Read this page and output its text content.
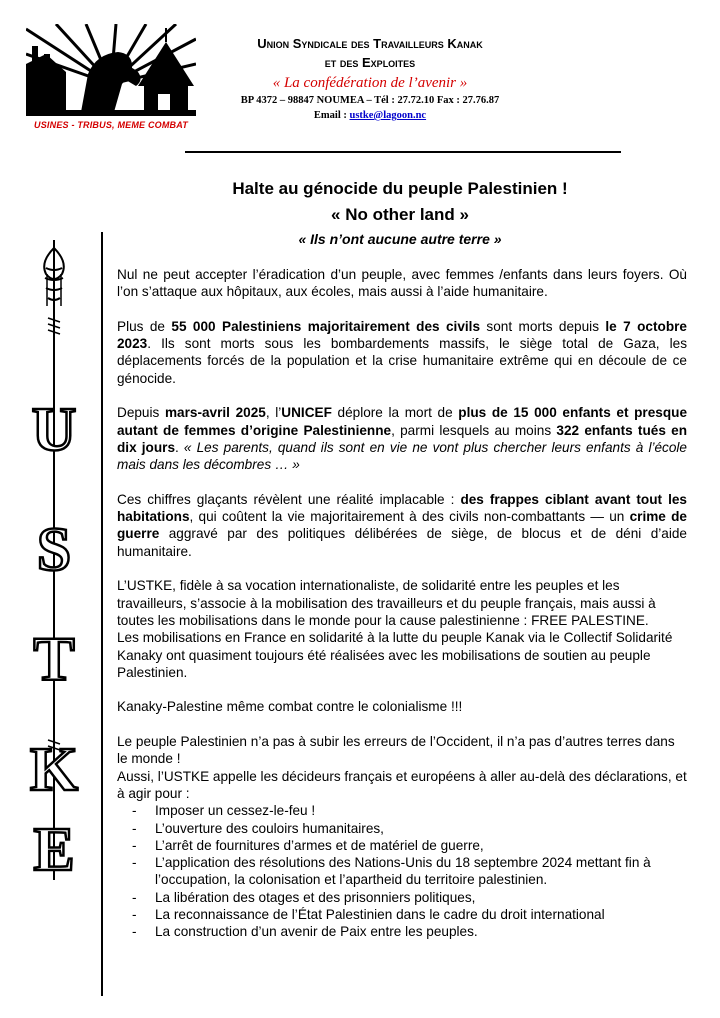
USINES - TRIBUS, MEME COMBAT
Union Syndicale des Travailleurs Kanak
et des Exploites
« La confédération de l’avenir »
BP 4372 – 98847 NOUMEA – Tél : 27.72.10 Fax : 27.76.87
Email : ustke@lagoon.nc
Halte au génocide du peuple Palestinien !
« No other land »
« Ils n’ont aucune autre terre »
U
S
T
K
E

Nul ne peut accepter l’éradication d’un peuple, avec femmes /enfants dans leurs foyers. Où l’on s’attaque aux hôpitaux, aux écoles, mais aussi à l’aide humanitaire.

Plus de 55 000 Palestiniens majoritairement des civils sont morts depuis le 7 octobre 2023. Ils sont morts sous les bombardements massifs, le siège total de Gaza, les déplacements forcés de la population et la crise humanitaire extrême qui en découle de ce génocide.

Depuis mars-avril 2025, l’UNICEF déplore la mort de plus de 15 000 enfants et presque autant de femmes d’origine Palestinienne, parmi lesquels au moins 322 enfants tués en dix jours. « Les parents, quand ils sont en vie ne vont plus chercher leurs enfants à l’école mais dans les décombres … »

Ces chiffres glaçants révèlent une réalité implacable : des frappes ciblant avant tout les habitations, qui coûtent la vie majoritairement à des civils non-combattants — un crime de guerre aggravé par des politiques délibérées de siège, de blocus et de déni d’aide humanitaire.

L’USTKE, fidèle à sa vocation internationaliste, de solidarité entre les peuples et les travailleurs, s’associe à la mobilisation des travailleurs et du peuple français, mais aussi à toutes les mobilisations dans le monde pour la cause palestinienne : FREE PALESTINE.

Les mobilisations en France en solidarité à la lutte du peuple Kanak via le Collectif Solidarité Kanaky ont quasiment toujours été réalisées avec les mobilisations de soutien au peuple Palestinien.

Kanaky-Palestine même combat contre le colonialisme !!!

Le peuple Palestinien n’a pas à subir les erreurs de l’Occident, il n’a pas d’autres terres dans le monde !

Aussi, l’USTKE appelle les décideurs français et européens à aller au-delà des déclarations, et à agir pour :

- Imposer un cessez-le-feu !
- L’ouverture des couloirs humanitaires,
- L’arrêt de fournitures d’armes et de matériel de guerre,
- L’application des résolutions des Nations-Unis du 18 septembre 2024 mettant fin à l’occupation, la colonisation et l’apartheid du territoire palestinien.
- La libération des otages et des prisonniers politiques,
- La reconnaissance de l’État Palestinien dans le cadre du droit international
- La construction d’un avenir de Paix entre les peuples.
